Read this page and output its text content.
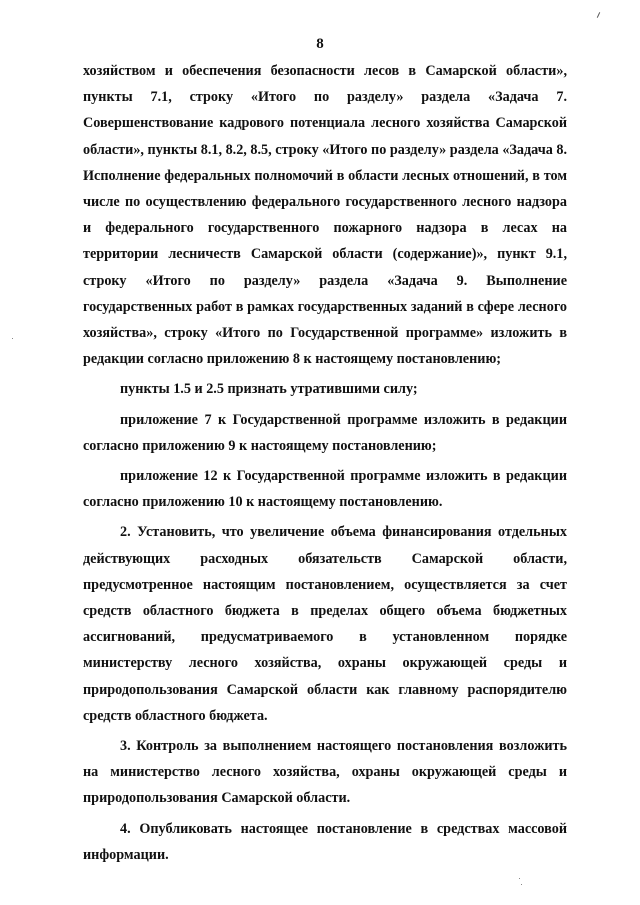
8

хозяйством и обеспечения безопасности лесов в Самарской области», пункты 7.1, строку «Итого по разделу» раздела «Задача 7. Совершенствование кадрового потенциала лесного хозяйства Самарской области», пункты 8.1, 8.2, 8.5, строку «Итого по разделу» раздела «Задача 8. Исполнение федеральных полномочий в области лесных отношений, в том числе по осуществлению федерального государственного лесного надзора и федерального государственного пожарного надзора в лесах на территории лесничеств Самарской области (содержание)», пункт 9.1, строку «Итого по разделу» раздела «Задача 9. Выполнение государственных работ в рамках государственных заданий в сфере лесного хозяйства», строку «Итого по Государственной программе» изложить в редакции согласно приложению 8 к настоящему постановлению;

пункты 1.5 и 2.5 признать утратившими силу;

приложение 7 к Государственной программе изложить в редакции согласно приложению 9 к настоящему постановлению;

приложение 12 к Государственной программе изложить в редакции согласно приложению 10 к настоящему постановлению.

2. Установить, что увеличение объема финансирования отдельных действующих расходных обязательств Самарской области, предусмотренное настоящим постановлением, осуществляется за счет средств областного бюджета в пределах общего объема бюджетных ассигнований, предусматриваемого в установленном порядке министерству лесного хозяйства, охраны окружающей среды и природопользования Самарской области как главному распорядителю средств областного бюджета.

3. Контроль за выполнением настоящего постановления возложить на министерство лесного хозяйства, охраны окружающей среды и природопользования Самарской области.

4. Опубликовать настоящее постановление в средствах массовой информации.
